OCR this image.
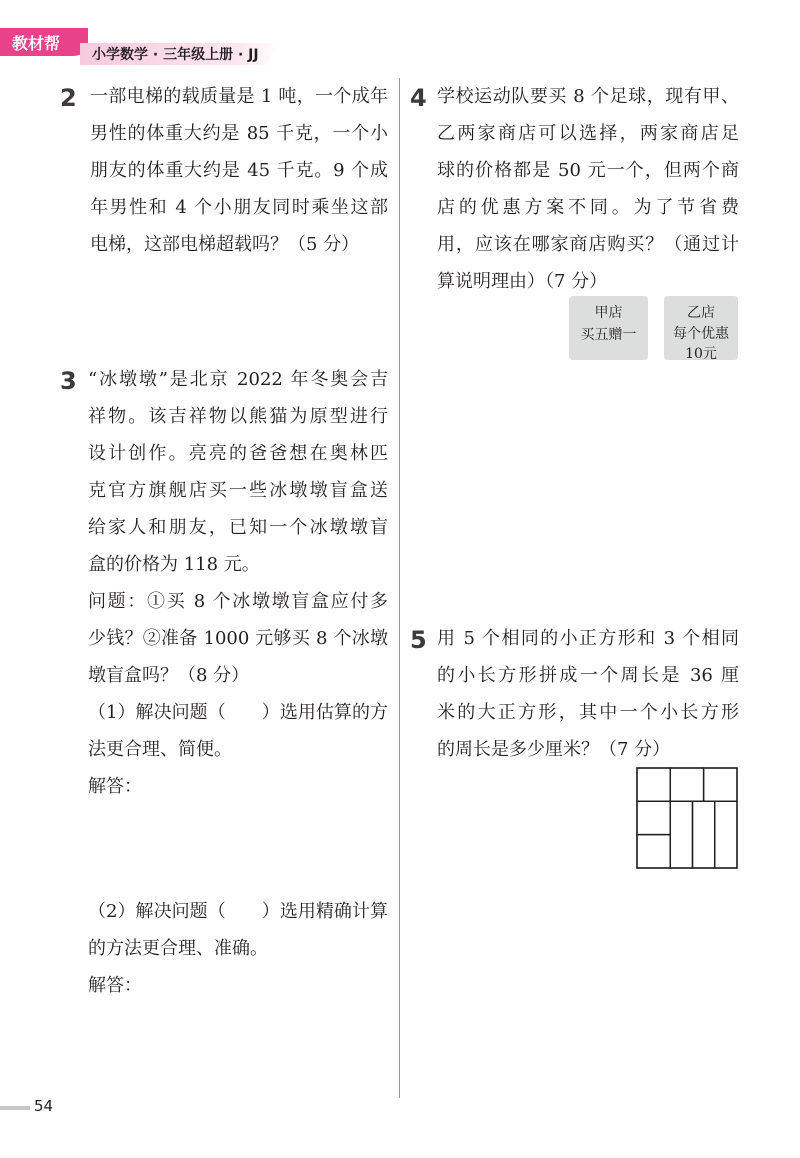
教材帮
小学数学 · 三年级上册 · JJ
2 一部电梯的载质量是 1 吨，一个成年
男性的体重大约是 85 千克，一个小
朋友的体重大约是 45 千克。9 个成
年男性和 4 个小朋友同时乘坐这部
电梯，这部电梯超载吗？（5 分）
3 “冰墩墩”是北京 2022 年冬奥会吉
祥物。该吉祥物以熊猫为原型进行
设计创作。亮亮的爸爸想在奥林匹
克官方旗舰店买一些冰墩墩盲盒送
给家人和朋友，已知一个冰墩墩盲
盒的价格为 118 元。
问题：①买 8 个冰墩墩盲盒应付多
少钱？②准备 1000 元够买 8 个冰墩
墩盲盒吗？（8 分）
（1）解决问题（　　）选用估算的方
法更合理、简便。
解答：
（2）解决问题（　　）选用精确计算
的方法更合理、准确。
解答：
4 学校运动队要买 8 个足球，现有甲、
乙两家商店可以选择，两家商店足
球的价格都是 50 元一个，但两个商
店的优惠方案不同。为了节省费
用，应该在哪家商店购买？（通过计
算说明理由）（7 分）
甲店
买五赠一
乙店
每个优惠10元
5 用 5 个相同的小正方形和 3 个相同
的小长方形拼成一个周长是 36 厘
米的大正方形，其中一个小长方形
的周长是多少厘米？（7 分）
54
